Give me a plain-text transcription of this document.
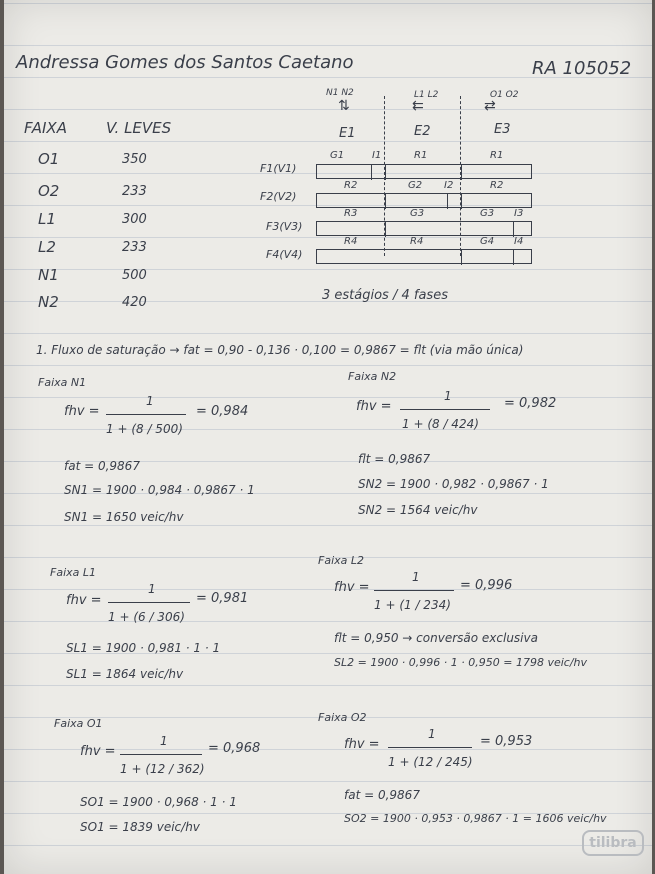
Andressa Gomes dos Santos Caetano	RA 105052
FAIXA	V. LEVES
O1	350
O2	233
L1	300
L2	233
N1	500
N2	420
N1 N2
⇅
L1 L2
⇇
O1 O2
⇄
E1	E2	E3
F1(V1)
G1	I1	R1	R1
F2(V2)
R2	G2 I2	R2
F3(V3)
R3	G3	G3 I3
F4(V4)
R4	R4	G4 I4
3 estágios / 4 fases
1. Fluxo de saturação → fat = 0,90 - 0,136 · 0,100 = 0,9867 = flt (via mão única)
Faixa N1
fhv =
1
1 + (8 / 500)
= 0,984
fat = 0,9867
SN1 = 1900 · 0,984 · 0,9867 · 1
SN1 = 1650 veic/hv
Faixa N2
fhv =
1
1 + (8 / 424)
= 0,982
flt = 0,9867
SN2 = 1900 · 0,982 · 0,9867 · 1
SN2 = 1564 veic/hv
Faixa L1
fhv =
1
1 + (6 / 306)
= 0,981
SL1 = 1900 · 0,981 · 1 · 1
SL1 = 1864 veic/hv
Faixa L2
fhv =
1
1 + (1 / 234)
= 0,996
flt = 0,950 → conversão exclusiva
SL2 = 1900 · 0,996 · 1 · 0,950 = 1798 veic/hv
Faixa O1
fhv =
1
1 + (12 / 362)
= 0,968
SO1 = 1900 · 0,968 · 1 · 1
SO1 = 1839 veic/hv
Faixa O2
fhv =
1
1 + (12 / 245)
= 0,953
fat = 0,9867
SO2 = 1900 · 0,953 · 0,9867 · 1 = 1606 veic/hv
tilibra
